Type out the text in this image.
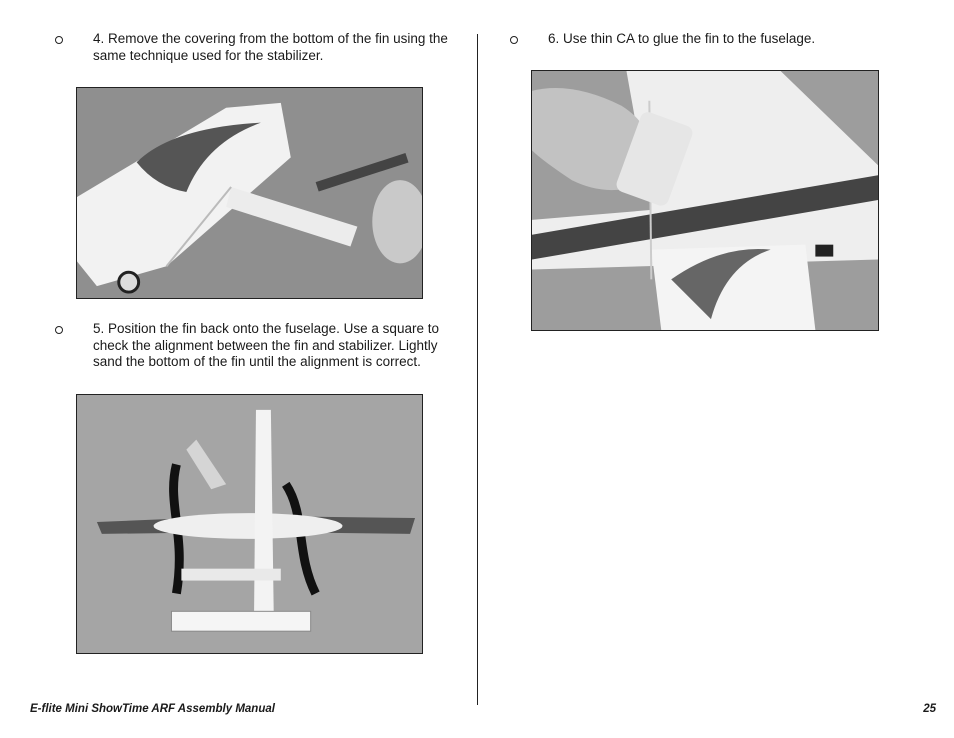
4. Remove the covering from the bottom of the fin using the same technique used for the stabilizer.
5. Position the fin back onto the fuselage. Use a square to check the alignment between the fin and stabilizer. Lightly sand the bottom of the fin until the alignment is correct.
6. Use thin CA to glue the fin to the fuselage.
E-flite Mini ShowTime ARF Assembly Manual	25
